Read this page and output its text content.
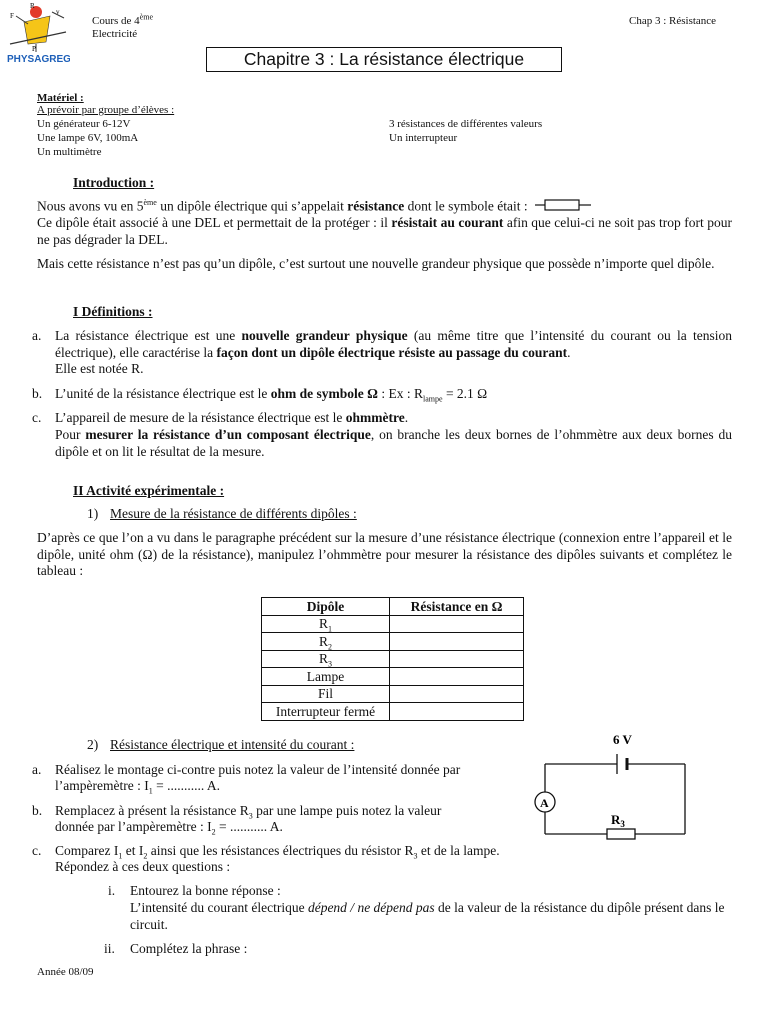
F
R
P
v
PHYSAGREG
Cours de 4ème
Electricité
Chap 3 : Résistance
Chapitre 3 : La résistance électrique
Matériel :
A prévoir par groupe d’élèves :
Un générateur 6-12V
Une lampe 6V, 100mA
Un multimètre
3 résistances de différentes valeurs
Un interrupteur
Introduction :
Nous avons vu en 5ème un dipôle électrique qui s’appelait résistance dont le symbole était :
Ce dipôle était associé à une DEL et permettait de la protéger : il résistait au courant afin que celui-ci ne soit pas trop fort pour ne pas dégrader la DEL.
Mais cette résistance n’est pas qu’un dipôle, c’est surtout une nouvelle grandeur physique que possède n’importe quel dipôle.
I Définitions :
a. La résistance électrique est une nouvelle grandeur physique (au même titre que l’intensité du courant ou la tension électrique), elle caractérise la façon dont un dipôle électrique résiste au passage du courant.
Elle est notée R.
b. L’unité de la résistance électrique est le ohm de symbole Ω : Ex : $R_{lampe} = 2.1$ Ω
c. L’appareil de mesure de la résistance électrique est le ohmmètre.
Pour mesurer la résistance d’un composant électrique, on branche les deux bornes de l’ohmmètre aux deux bornes du dipôle et on lit le résultat de la mesure.
II Activité expérimentale :
1) Mesure de la résistance de différents dipôles :
D’après ce que l’on a vu dans le paragraphe précédent sur la mesure d’une résistance électrique (connexion entre l’appareil et le dipôle, unité ohm (Ω) de la résistance), manipulez l’ohmmètre pour mesurer la résistance des dipôles suivants et complétez le tableau :
Dipôle	Résistance en Ω
$R_1$	
$R_2$	
$R_3$	
Lampe	
Fil	
Interrupteur fermé	
2) Résistance électrique et intensité du courant :
a. Réalisez le montage ci-contre puis notez la valeur de l’intensité donnée par
l’ampèremètre : $I_1$ = ........... A.
b. Remplacez à présent la résistance $R_3$ par une lampe puis notez la valeur
donnée par l’ampèremètre : $I_2$ = ........... A.
c. Comparez $I_1$ et $I_2$ ainsi que les résistances électriques du résistor $R_3$ et de la lampe.
Répondez à ces deux questions :
i. Entourez la bonne réponse :
L’intensité du courant électrique dépend / ne dépend pas de la valeur de la résistance du dipôle présent dans le circuit.
ii. Complétez la phrase :
6 V
A
$R_3$
Année 08/09
